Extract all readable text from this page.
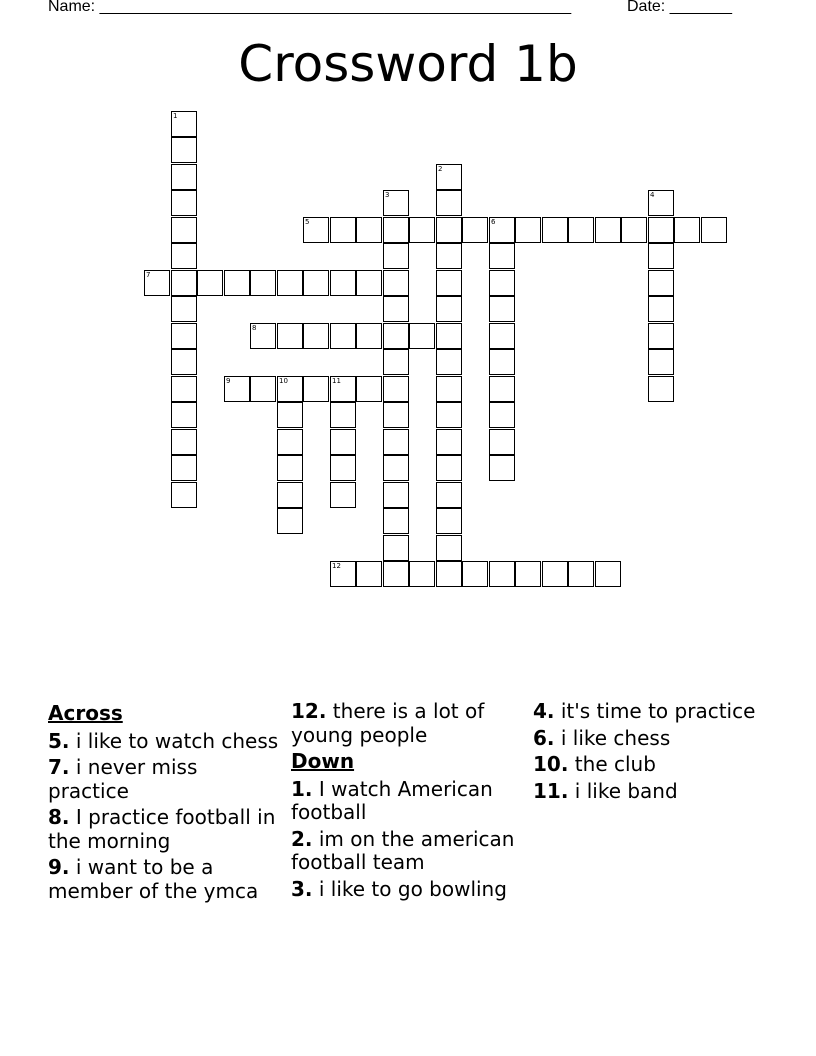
Name: _____________________________________________________	Date: _______
Crossword 1b
1
2
3	4
5	6
7
8
9	10	11
12
Across
5. i like to watch chess
7. i never miss practice
8. I practice football in the morning
9. i want to be a member of the ymca
12. there is a lot of young people
Down
1. I watch American football
2. im on the american football team
3. i like to go bowling
4. it's time to practice
6. i like chess
10. the club
11. i like band
